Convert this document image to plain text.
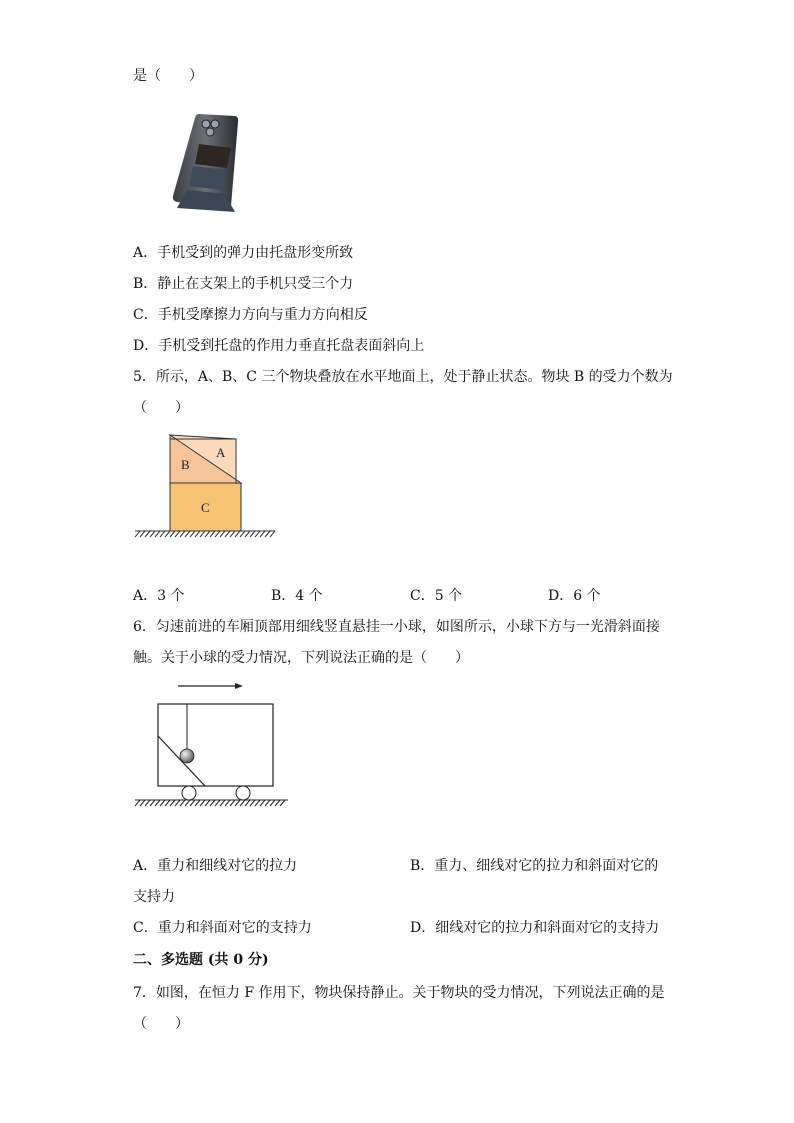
是（　　）
A．手机受到的弹力由托盘形变所致
B．静止在支架上的手机只受三个力
C．手机受摩擦力方向与重力方向相反
D．手机受到托盘的作用力垂直托盘表面斜向上
5．所示，A、B、C 三个物块叠放在水平地面上，处于静止状态。物块 B 的受力个数为
（　　）
A
B
C
A．3 个	B．4 个	C．5 个	D．6 个
6．匀速前进的车厢顶部用细线竖直悬挂一小球，如图所示，小球下方与一光滑斜面接
触。关于小球的受力情况，下列说法正确的是（　　）
A．重力和细线对它的拉力	B．重力、细线对它的拉力和斜面对它的
支持力
C．重力和斜面对它的支持力	D．细线对它的拉力和斜面对它的支持力
二、多选题 (共 0 分)
7．如图，在恒力 F 作用下，物块保持静止。关于物块的受力情况，下列说法正确的是
（　　）
